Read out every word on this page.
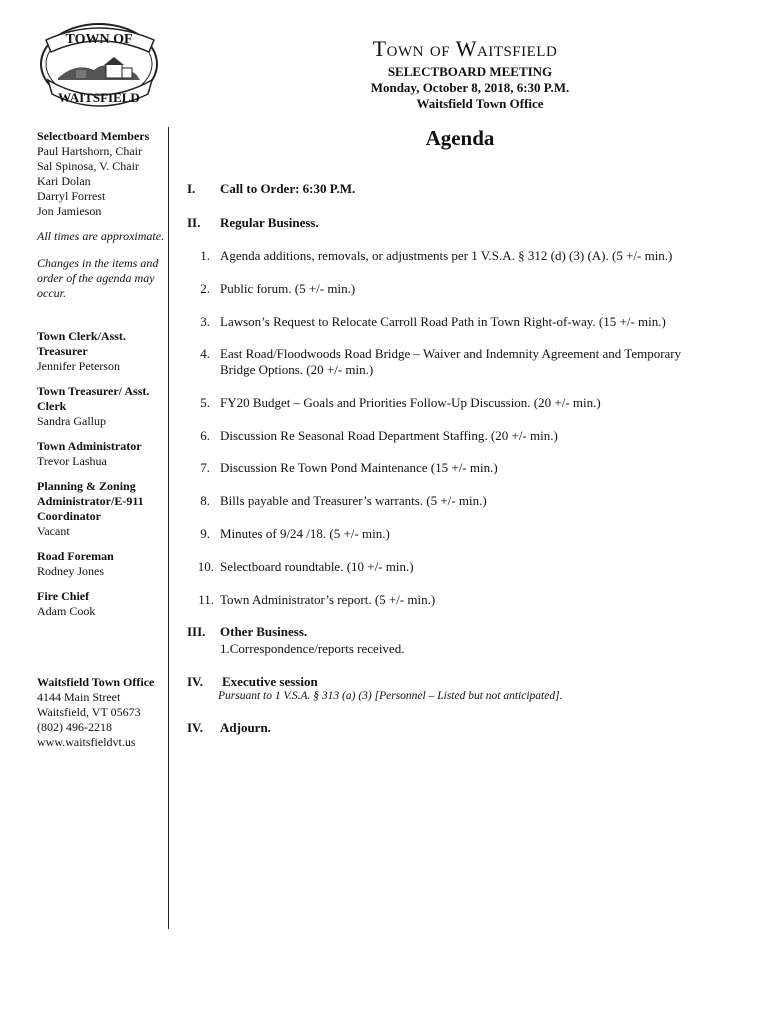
TOWN OF
WAITSFIELD
Town of Waitsfield
SELECTBOARD MEETING
Monday, October 8, 2018, 6:30 P.M.
Waitsfield Town Office
Agenda
Selectboard Members
Paul Hartshorn, Chair
Sal Spinosa, V. Chair
Kari Dolan
Darryl Forrest
Jon Jamieson
All times are approximate.
Changes in the items and order of the agenda may occur.
Town Clerk/Asst. Treasurer
Jennifer Peterson
Town Treasurer/ Asst. Clerk
Sandra Gallup
Town Administrator
Trevor Lashua
Planning & Zoning Administrator/E-911 Coordinator
Vacant
Road Foreman
Rodney Jones
Fire Chief
Adam Cook
Waitsfield Town Office
4144 Main Street
Waitsfield, VT 05673
(802) 496-2218
www.waitsfieldvt.us
I. Call to Order: 6:30 P.M.
II. Regular Business.
1. Agenda additions, removals, or adjustments per 1 V.S.A. § 312 (d) (3) (A). (5 +/- min.)
2. Public forum. (5 +/- min.)
3. Lawson’s Request to Relocate Carroll Road Path in Town Right-of-way. (15 +/- min.)
4. East Road/Floodwoods Road Bridge – Waiver and Indemnity Agreement and Temporary
Bridge Options. (20 +/- min.)
5. FY20 Budget – Goals and Priorities Follow-Up Discussion. (20 +/- min.)
6. Discussion Re Seasonal Road Department Staffing. (20 +/- min.)
7. Discussion Re Town Pond Maintenance (15 +/- min.)
8. Bills payable and Treasurer’s warrants. (5 +/- min.)
9. Minutes of 9/24 /18. (5 +/- min.)
10. Selectboard roundtable. (10 +/- min.)
11. Town Administrator’s report. (5 +/- min.)
III. Other Business.
1.Correspondence/reports received.
IV. Executive session
Pursuant to 1 V.S.A. § 313 (a) (3) [Personnel – Listed but not anticipated].
IV. Adjourn.
